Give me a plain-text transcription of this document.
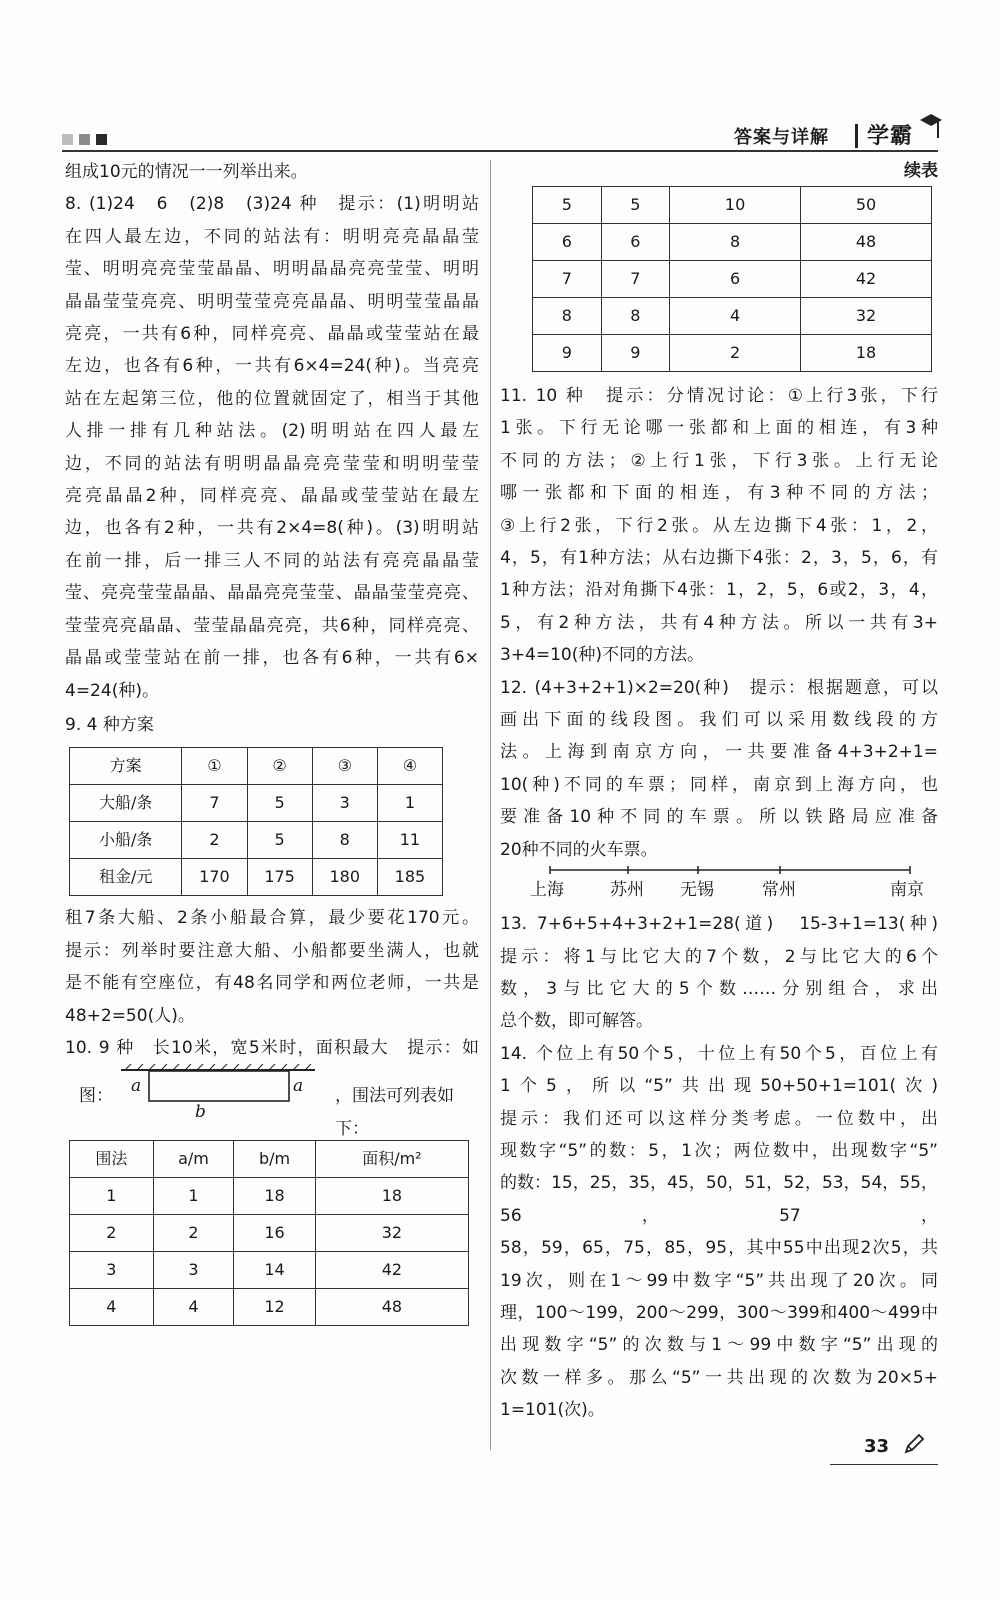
答案与详解 学霸
组成10元的情况一一列举出来。
8. (1)24　6　(2)8　(3)24 种　提示：(1)明明站
在四人最左边，不同的站法有：明明亮亮晶晶莹
莹、明明亮亮莹莹晶晶、明明晶晶亮亮莹莹、明明
晶晶莹莹亮亮、明明莹莹亮亮晶晶、明明莹莹晶晶
亮亮，一共有6种，同样亮亮、晶晶或莹莹站在最
左边，也各有6种，一共有6×4=24(种)。当亮亮
站在左起第三位，他的位置就固定了，相当于其他
人排一排有几种站法。(2)明明站在四人最左
边，不同的站法有明明晶晶亮亮莹莹和明明莹莹
亮亮晶晶2种，同样亮亮、晶晶或莹莹站在最左
边，也各有2种，一共有2×4=8(种)。(3)明明站
在前一排，后一排三人不同的站法有亮亮晶晶莹
莹、亮亮莹莹晶晶、晶晶亮亮莹莹、晶晶莹莹亮亮、
莹莹亮亮晶晶、莹莹晶晶亮亮，共6种，同样亮亮、
晶晶或莹莹站在前一排，也各有6种，一共有6×
4=24(种)。
9. 4 种方案
方案	①	②	③	④
大船/条	7	5	3	1
小船/条	2	5	8	11
租金/元	170	175	180	185
租7条大船、2条小船最合算，最少要花170元。
提示：列举时要注意大船、小船都要坐满人，也就
是不能有空座位，有48名同学和两位老师，一共是
48+2=50(人)。
10. 9 种　长10米，宽5米时，面积最大　提示：如
图： a	a
b
，围法可列表如下：
围法	a/m	b/m	面积/m²
1	1	18	18
2	2	16	32
3	3	14	42
4	4	12	48
续表
5	5	10	50
6	6	8	48
7	7	6	42
8	8	4	32
9	9	2	18
11. 10 种　提示：分情况讨论：①上行3张，下行
1张。下行无论哪一张都和上面的相连，有3种
不同的方法；②上行1张，下行3张。上行无论
哪一张都和下面的相连，有3种不同的方法；
③上行2张，下行2张。从左边撕下4张：1，2，
4，5，有1种方法；从右边撕下4张：2，3，5，6，有
1种方法；沿对角撕下4张：1，2，5，6或2，3，4，
5，有2种方法，共有4种方法。所以一共有3+
3+4=10(种)不同的方法。
12. (4+3+2+1)×2=20(种)　提示：根据题意，可以
画出下面的线段图。我们可以采用数线段的方
法。上海到南京方向，一共要准备4+3+2+1=
10(种)不同的车票；同样，南京到上海方向，也
要准备10种不同的车票。所以铁路局应准备
20种不同的火车票。
上海	苏州 无锡	常州	南京
13. 7+6+5+4+3+2+1=28(道)　15-3+1=13(种)
提示：将1与比它大的7个数，2与比它大的6个
数，3与比它大的5个数……分别组合，求出
总个数，即可解答。
14. 个位上有50个5，十位上有50个5，百位上有
1个5，所以“5”共出现50+50+1=101(次)
提示：我们还可以这样分类考虑。一位数中，出
现数字“5”的数：5，1次；两位数中，出现数字“5”
的数：15，25，35，45，50，51，52，53，54，55，56，57，
58，59，65，75，85，95，其中55中出现2次5，共
19次，则在1～99中数字“5”共出现了20次。同
理，100～199，200～299，300～399和400～499中
出现数字“5”的次数与1～99中数字“5”出现的
次数一样多。那么“5”一共出现的次数为20×5+
1=101(次)。
33
